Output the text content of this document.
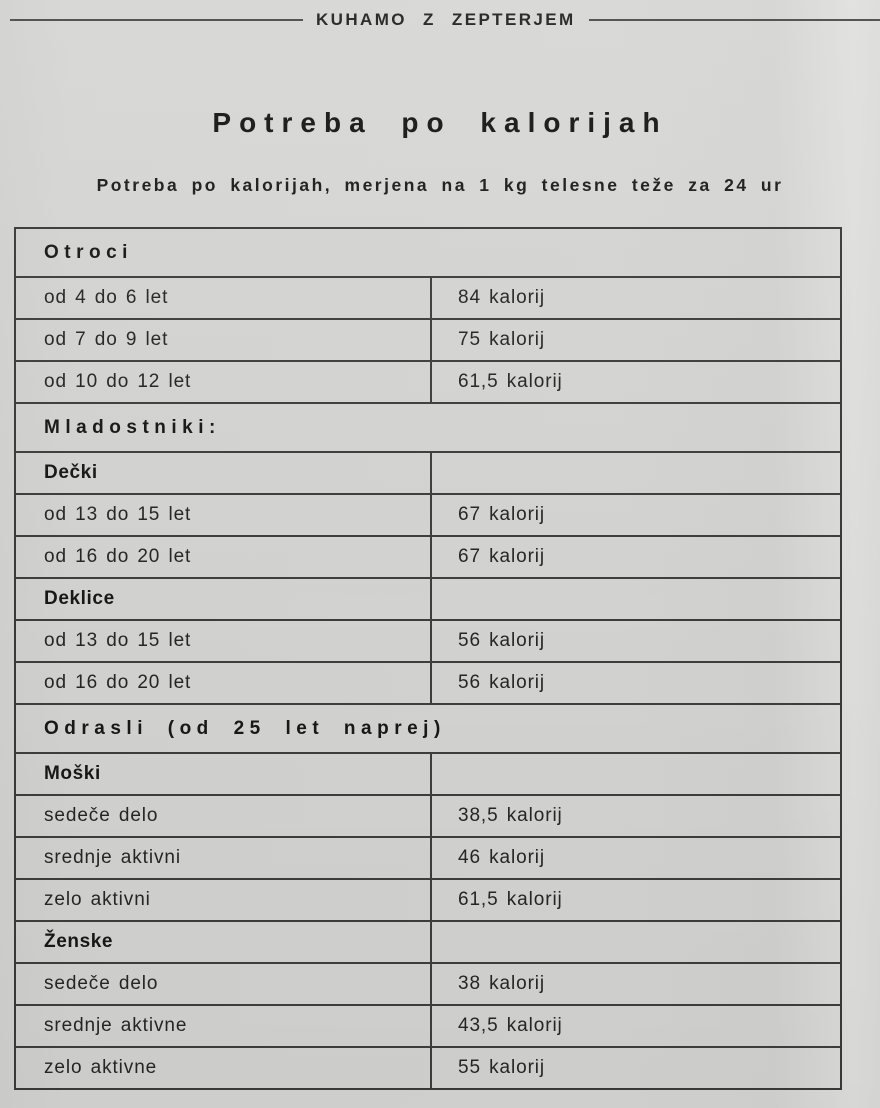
KUHAMO Z ZEPTERJEM
Potreba po kalorijah
Potreba po kalorijah, merjena na 1 kg telesne teže za 24 ur
Otroci
od 4 do 6 let	84 kalorij
od 7 do 9 let	75 kalorij
od 10 do 12 let	61,5 kalorij
Mladostniki:
Dečki
od 13 do 15 let	67 kalorij
od 16 do 20 let	67 kalorij
Deklice
od 13 do 15 let	56 kalorij
od 16 do 20 let	56 kalorij
Odrasli (od 25 let naprej)
Moški
sedeče delo	38,5 kalorij
srednje aktivni	46 kalorij
zelo aktivni	61,5 kalorij
Ženske
sedeče delo	38 kalorij
srednje aktivne	43,5 kalorij
zelo aktivne	55 kalorij
